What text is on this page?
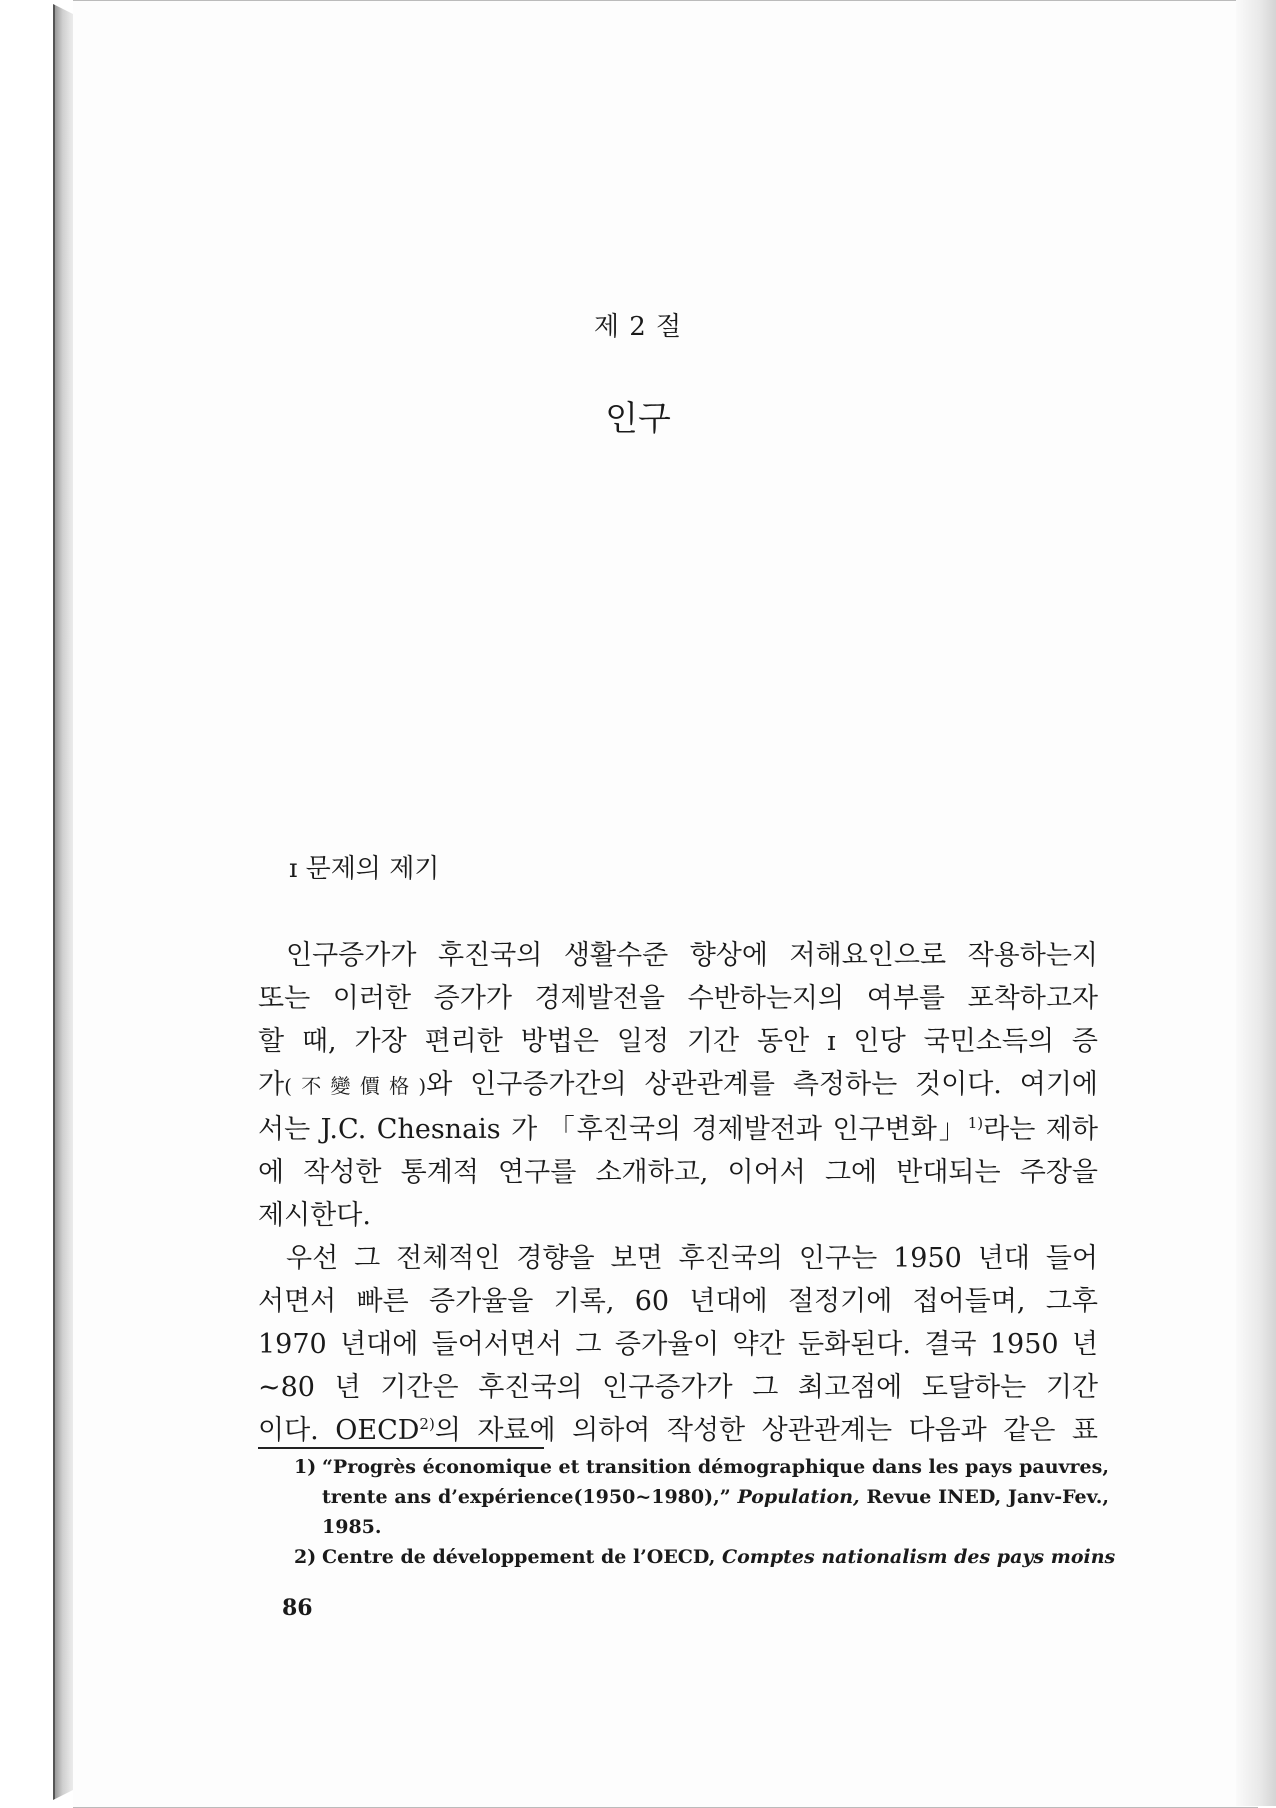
제 2 절
인구
ɪ 문제의 제기
인구증가가 후진국의 생활수준 향상에 저해요인으로 작용하는지
또는 이러한 증가가 경제발전을 수반하는지의 여부를 포착하고자
할 때, 가장 편리한 방법은 일정 기간 동안 ɪ 인당 국민소득의 증
가(不變價格)와 인구증가간의 상관관계를 측정하는 것이다. 여기에
서는 J.C. Chesnais 가 「후진국의 경제발전과 인구변화」$^{1)}$라는 제하
에 작성한 통계적 연구를 소개하고, 이어서 그에 반대되는 주장을
제시한다.
우선 그 전체적인 경향을 보면 후진국의 인구는 1950 년대 들어
서면서 빠른 증가율을 기록, 60 년대에 절정기에 접어들며, 그후
1970 년대에 들어서면서 그 증가율이 약간 둔화된다. 결국 1950 년
~80 년 기간은 후진국의 인구증가가 그 최고점에 도달하는 기간
이다. OECD$^{2)}$의 자료에 의하여 작성한 상관관계는 다음과 같은 표
1) “Progrès économique et transition démographique dans les pays pauvres,
trente ans d’expérience(1950~1980),” Population, Revue INED, Janv-Fev.,
1985.
2) Centre de développement de l’OECD, Comptes nationalism des pays moins
86
